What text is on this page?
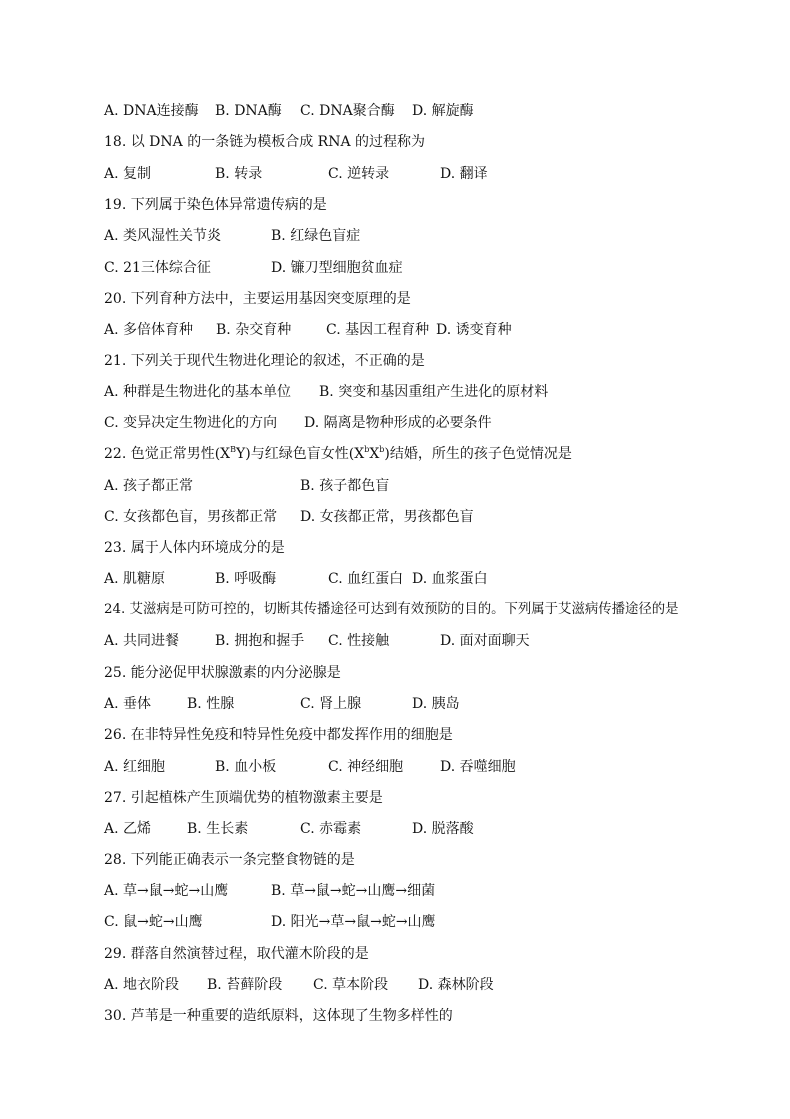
A. DNA连接酶 B. DNA酶 C. DNA聚合酶 D. 解旋酶
18. 以 DNA 的一条链为模板合成 RNA 的过程称为
A. 复制	B. 转录	C. 逆转录	D. 翻译
19. 下列属于染色体异常遗传病的是
A. 类风湿性关节炎	B. 红绿色盲症
C. 21三体综合征	D. 镰刀型细胞贫血症
20. 下列育种方法中，主要运用基因突变原理的是
A. 多倍体育种 B. 杂交育种 C. 基因工程育种 D. 诱变育种
21. 下列关于现代生物进化理论的叙述，不正确的是
A. 种群是生物进化的基本单位 B. 突变和基因重组产生进化的原材料
C. 变异决定生物进化的方向 D. 隔离是物种形成的必要条件
22. 色觉正常男性$(X^BY)$与红绿色盲女性$(X^bX^b)$结婚，所生的孩子色觉情况是
A. 孩子都正常	B. 孩子都色盲
C. 女孩都色盲，男孩都正常 D. 女孩都正常，男孩都色盲
23. 属于人体内环境成分的是
A. 肌糖原	B. 呼吸酶	C. 血红蛋白 D. 血浆蛋白
24. 艾滋病是可防可控的，切断其传播途径可达到有效预防的目的。下列属于艾滋病传播途径的是
A. 共同进餐	B. 拥抱和握手 C. 性接触	D. 面对面聊天
25. 能分泌促甲状腺激素的内分泌腺是
A. 垂体	B. 性腺	C. 肾上腺	D. 胰岛
26. 在非特异性免疫和特异性免疫中都发挥作用的细胞是
A. 红细胞	B. 血小板	C. 神经细胞	D. 吞噬细胞
27. 引起植株产生顶端优势的植物激素主要是
A. 乙烯	B. 生长素	C. 赤霉素	D. 脱落酸
28. 下列能正确表示一条完整食物链的是
A. 草→鼠→蛇→山鹰	B. 草→鼠→蛇→山鹰→细菌
C. 鼠→蛇→山鹰	D. 阳光→草→鼠→蛇→山鹰
29. 群落自然演替过程，取代灌木阶段的是
A. 地衣阶段 B. 苔藓阶段 C. 草本阶段 D. 森林阶段
30. 芦苇是一种重要的造纸原料，这体现了生物多样性的
